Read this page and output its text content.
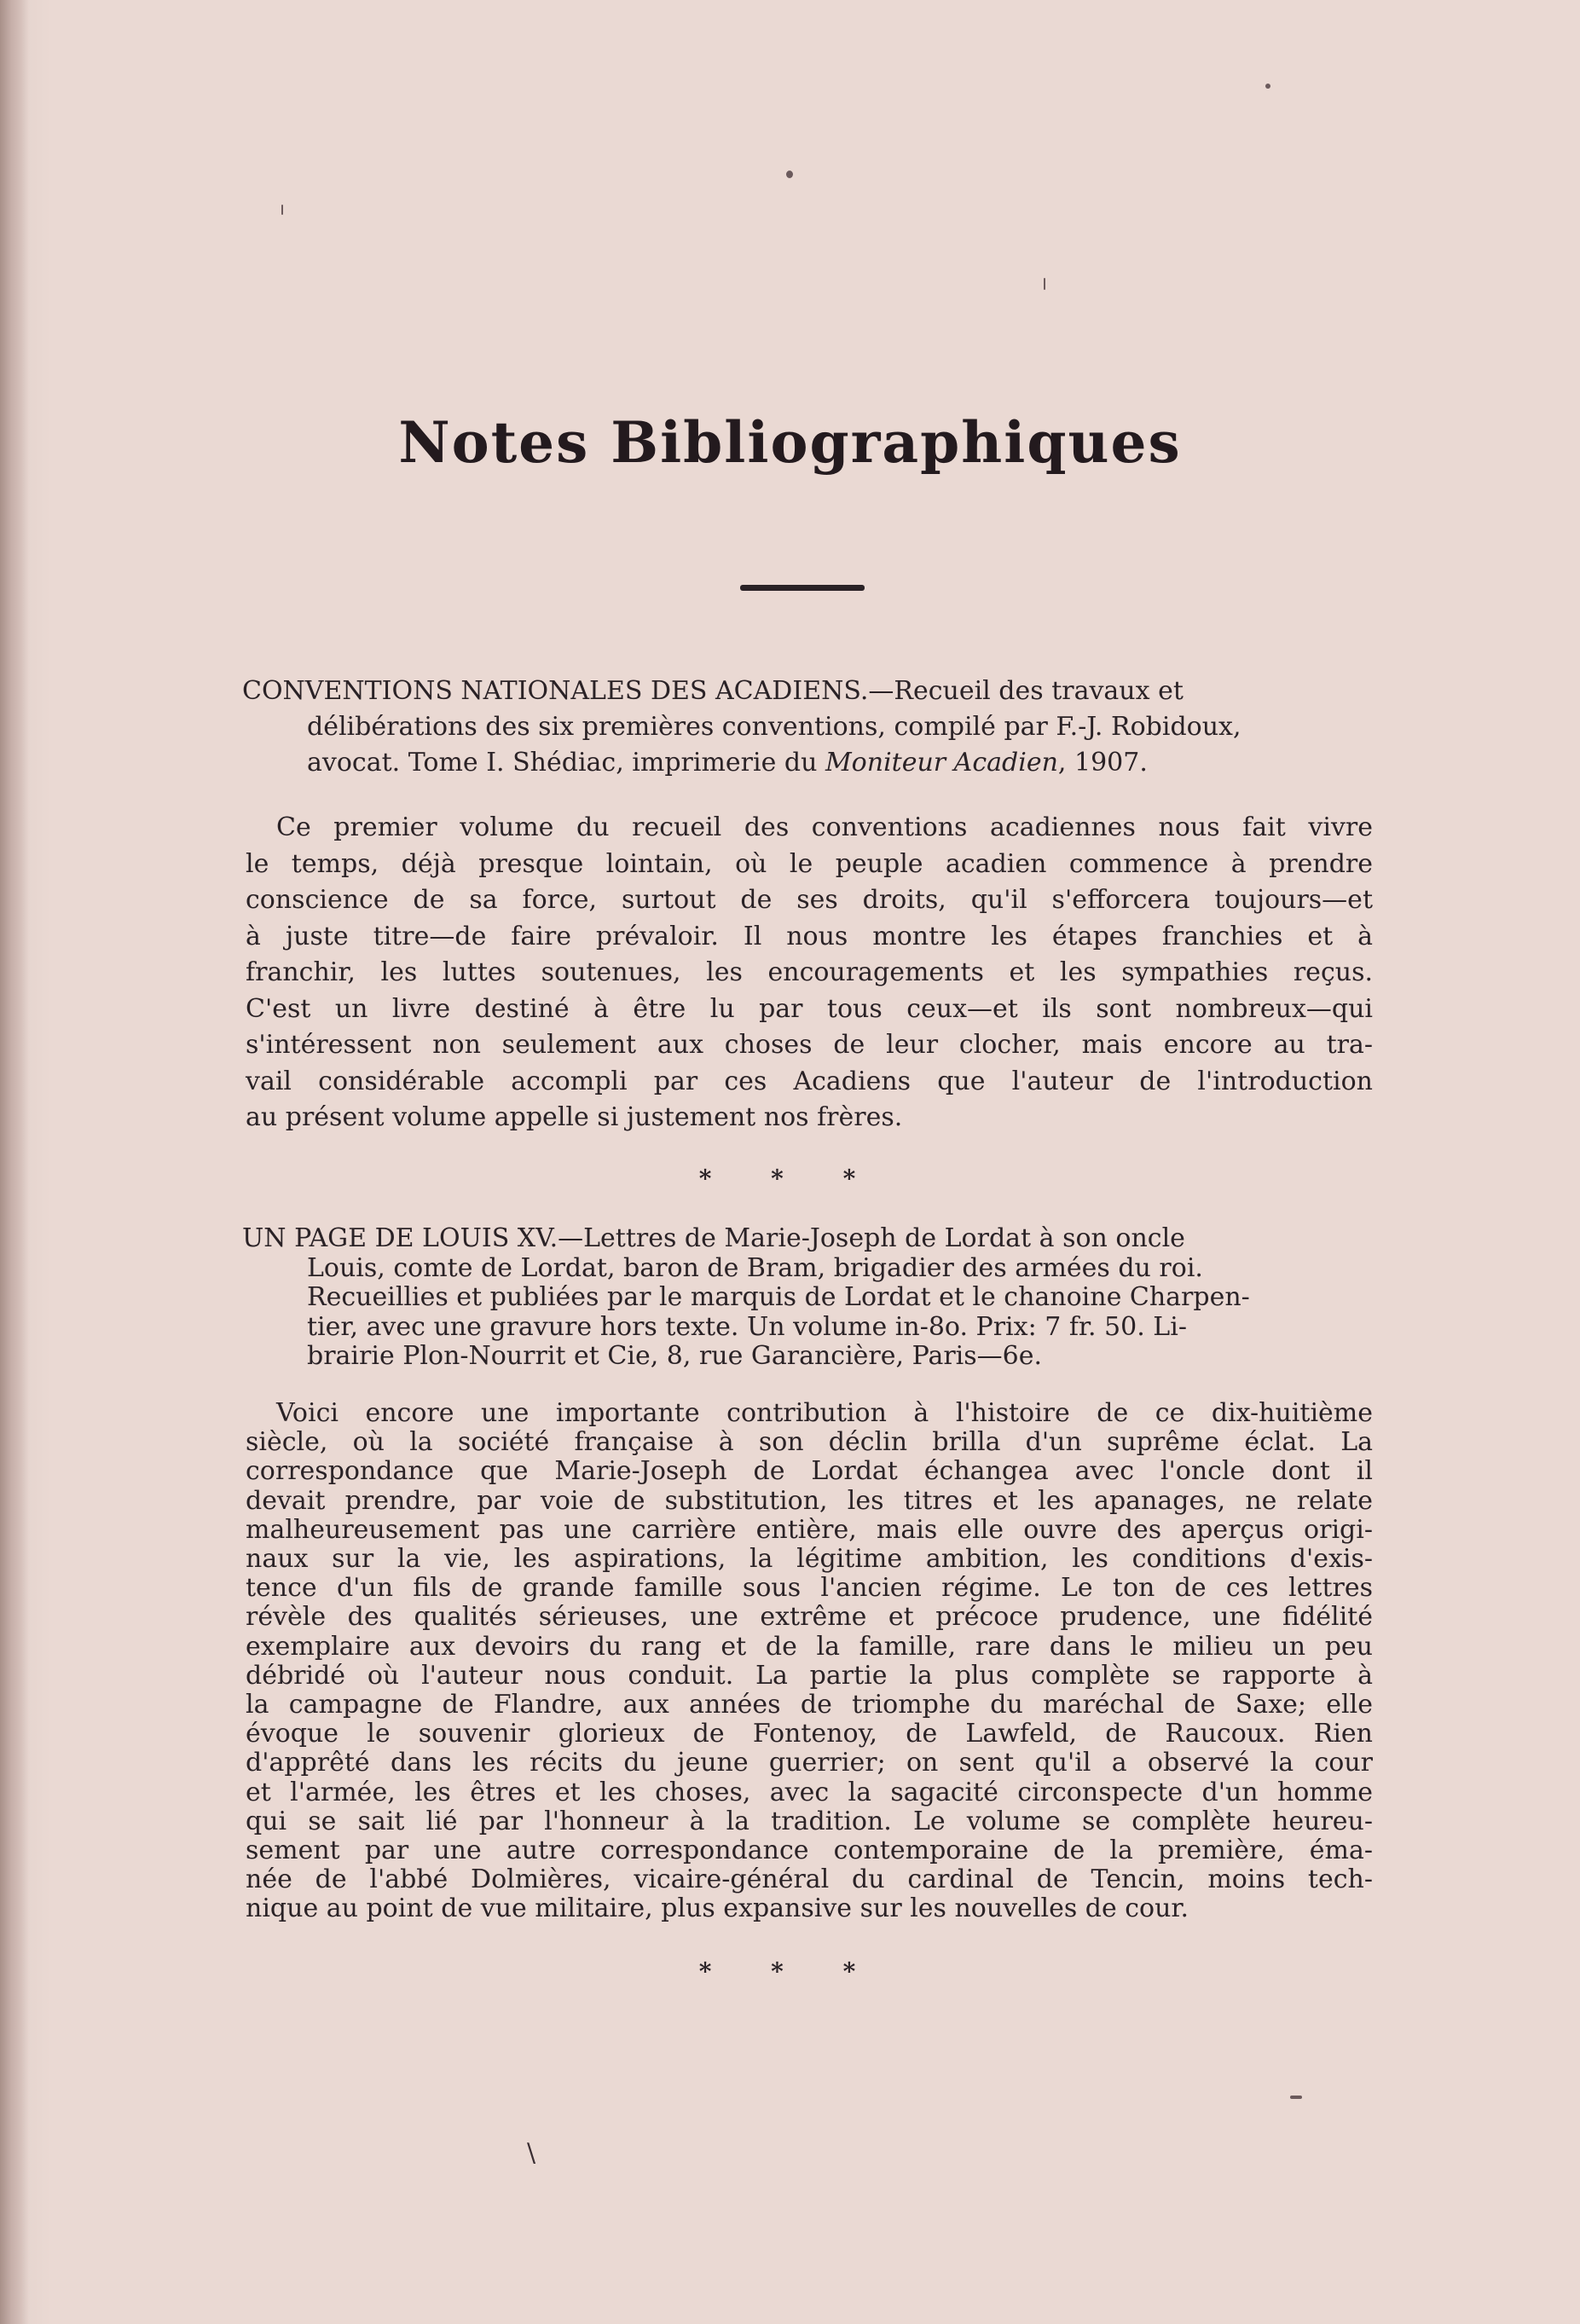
Notes Bibliographiques
CONVENTIONS NATIONALES DES ACADIENS.—Recueil des travaux et
délibérations des six premières conventions, compilé par F.-J. Robidoux,
avocat. Tome I. Shédiac, imprimerie du Moniteur Acadien, 1907.
Ce premier volume du recueil des conventions acadiennes nous fait vivre
le temps, déjà presque lointain, où le peuple acadien commence à prendre
conscience de sa force, surtout de ses droits, qu'il s'efforcera toujours—et
à juste titre—de faire prévaloir. Il nous montre les étapes franchies et à
franchir, les luttes soutenues, les encouragements et les sympathies reçus.
C'est un livre destiné à être lu par tous ceux—et ils sont nombreux—qui
s'intéressent non seulement aux choses de leur clocher, mais encore au tra-
vail considérable accompli par ces Acadiens que l'auteur de l'introduction
au présent volume appelle si justement nos frères.
* * *
UN PAGE DE LOUIS XV.—Lettres de Marie-Joseph de Lordat à son oncle
Louis, comte de Lordat, baron de Bram, brigadier des armées du roi.
Recueillies et publiées par le marquis de Lordat et le chanoine Charpen-
tier, avec une gravure hors texte. Un volume in-8o. Prix: 7 fr. 50. Li-
brairie Plon-Nourrit et Cie, 8, rue Garancière, Paris—6e.
Voici encore une importante contribution à l'histoire de ce dix-huitième
siècle, où la société française à son déclin brilla d'un suprême éclat. La
correspondance que Marie-Joseph de Lordat échangea avec l'oncle dont il
devait prendre, par voie de substitution, les titres et les apanages, ne relate
malheureusement pas une carrière entière, mais elle ouvre des aperçus origi-
naux sur la vie, les aspirations, la légitime ambition, les conditions d'exis-
tence d'un fils de grande famille sous l'ancien régime. Le ton de ces lettres
révèle des qualités sérieuses, une extrême et précoce prudence, une fidélité
exemplaire aux devoirs du rang et de la famille, rare dans le milieu un peu
débridé où l'auteur nous conduit. La partie la plus complète se rapporte à
la campagne de Flandre, aux années de triomphe du maréchal de Saxe; elle
évoque le souvenir glorieux de Fontenoy, de Lawfeld, de Raucoux. Rien
d'apprêté dans les récits du jeune guerrier; on sent qu'il a observé la cour
et l'armée, les êtres et les choses, avec la sagacité circonspecte d'un homme
qui se sait lié par l'honneur à la tradition. Le volume se complète heureu-
sement par une autre correspondance contemporaine de la première, éma-
née de l'abbé Dolmières, vicaire-général du cardinal de Tencin, moins tech-
nique au point de vue militaire, plus expansive sur les nouvelles de cour.
* * *
\
